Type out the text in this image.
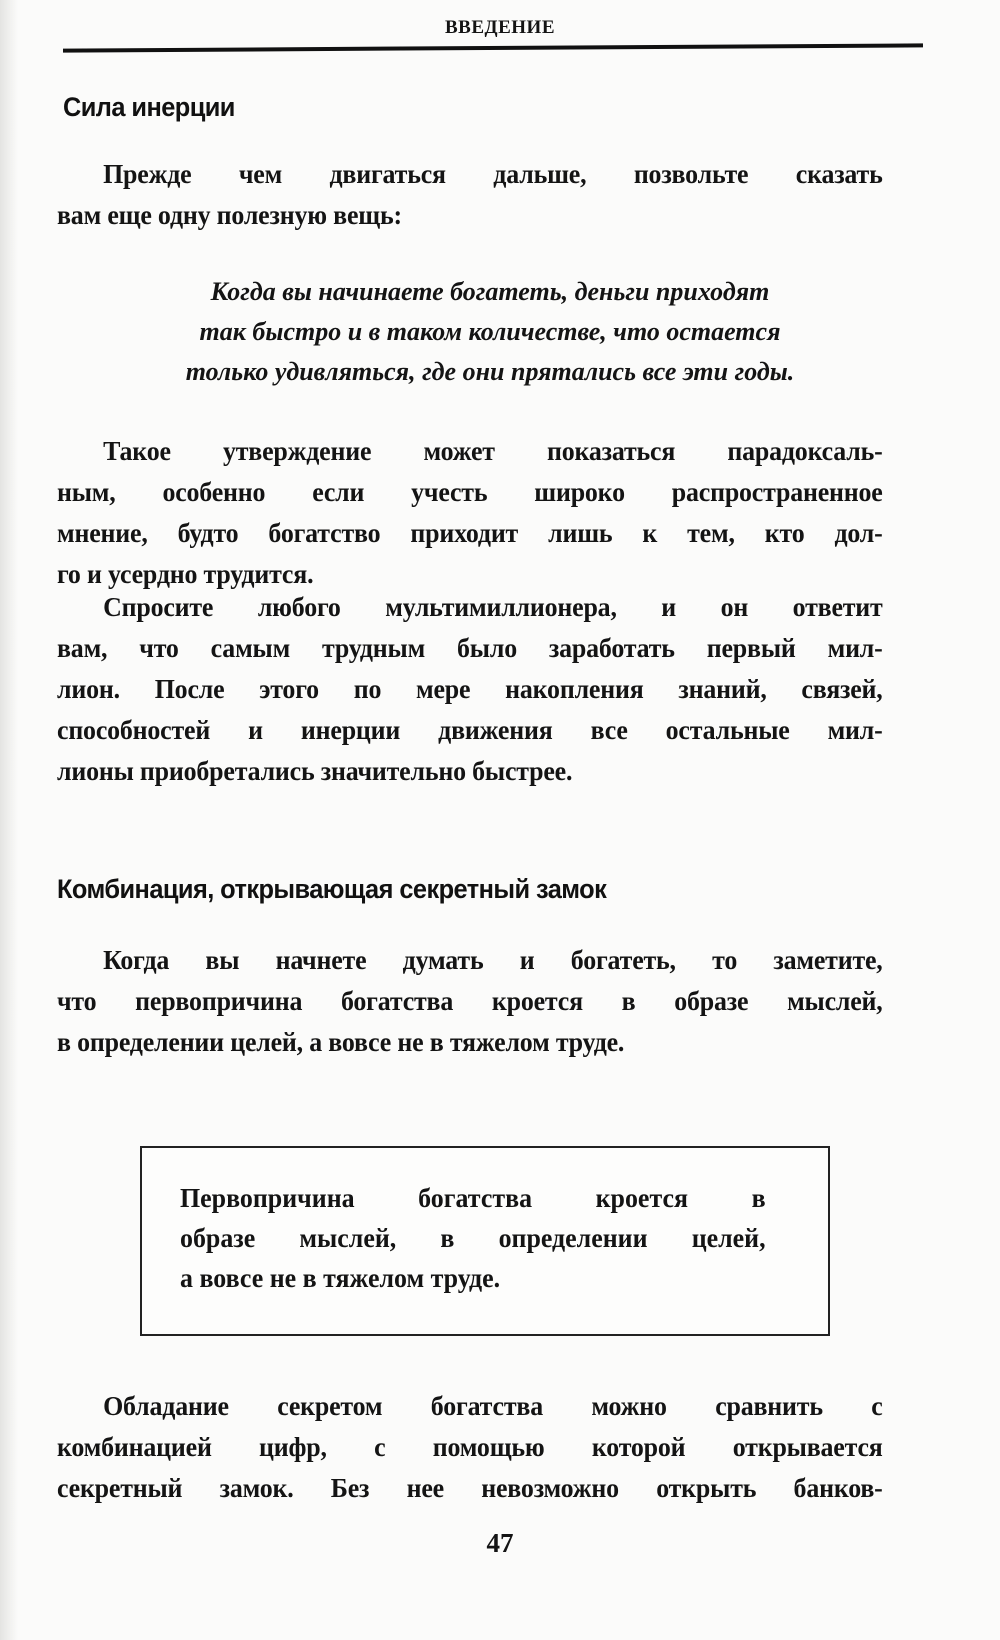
ВВЕДЕНИЕ
Сила инерции
Прежде чем двигаться дальше, позвольте сказать
вам еще одну полезную вещь:
Когда вы начинаете богатеть, деньги приходят
так быстро и в таком количестве, что остается
только удивляться, где они прятались все эти годы.
Такое утверждение может показаться парадоксаль-
ным, особенно если учесть широко распространенное
мнение, будто богатство приходит лишь к тем, кто дол-
го и усердно трудится.
Спросите любого мультимиллионера, и он ответит
вам, что самым трудным было заработать первый мил-
лион. После этого по мере накопления знаний, связей,
способностей и инерции движения все остальные мил-
лионы приобретались значительно быстрее.
Комбинация, открывающая секретный замок
Когда вы начнете думать и богатеть, то заметите,
что первопричина богатства кроется в образе мыслей,
в определении целей, а вовсе не в тяжелом труде.
Первопричина богатства кроется в
образе мыслей, в определении целей,
а вовсе не в тяжелом труде.
Обладание секретом богатства можно сравнить с
комбинацией цифр, с помощью которой открывается
секретный замок. Без нее невозможно открыть банков-
47
